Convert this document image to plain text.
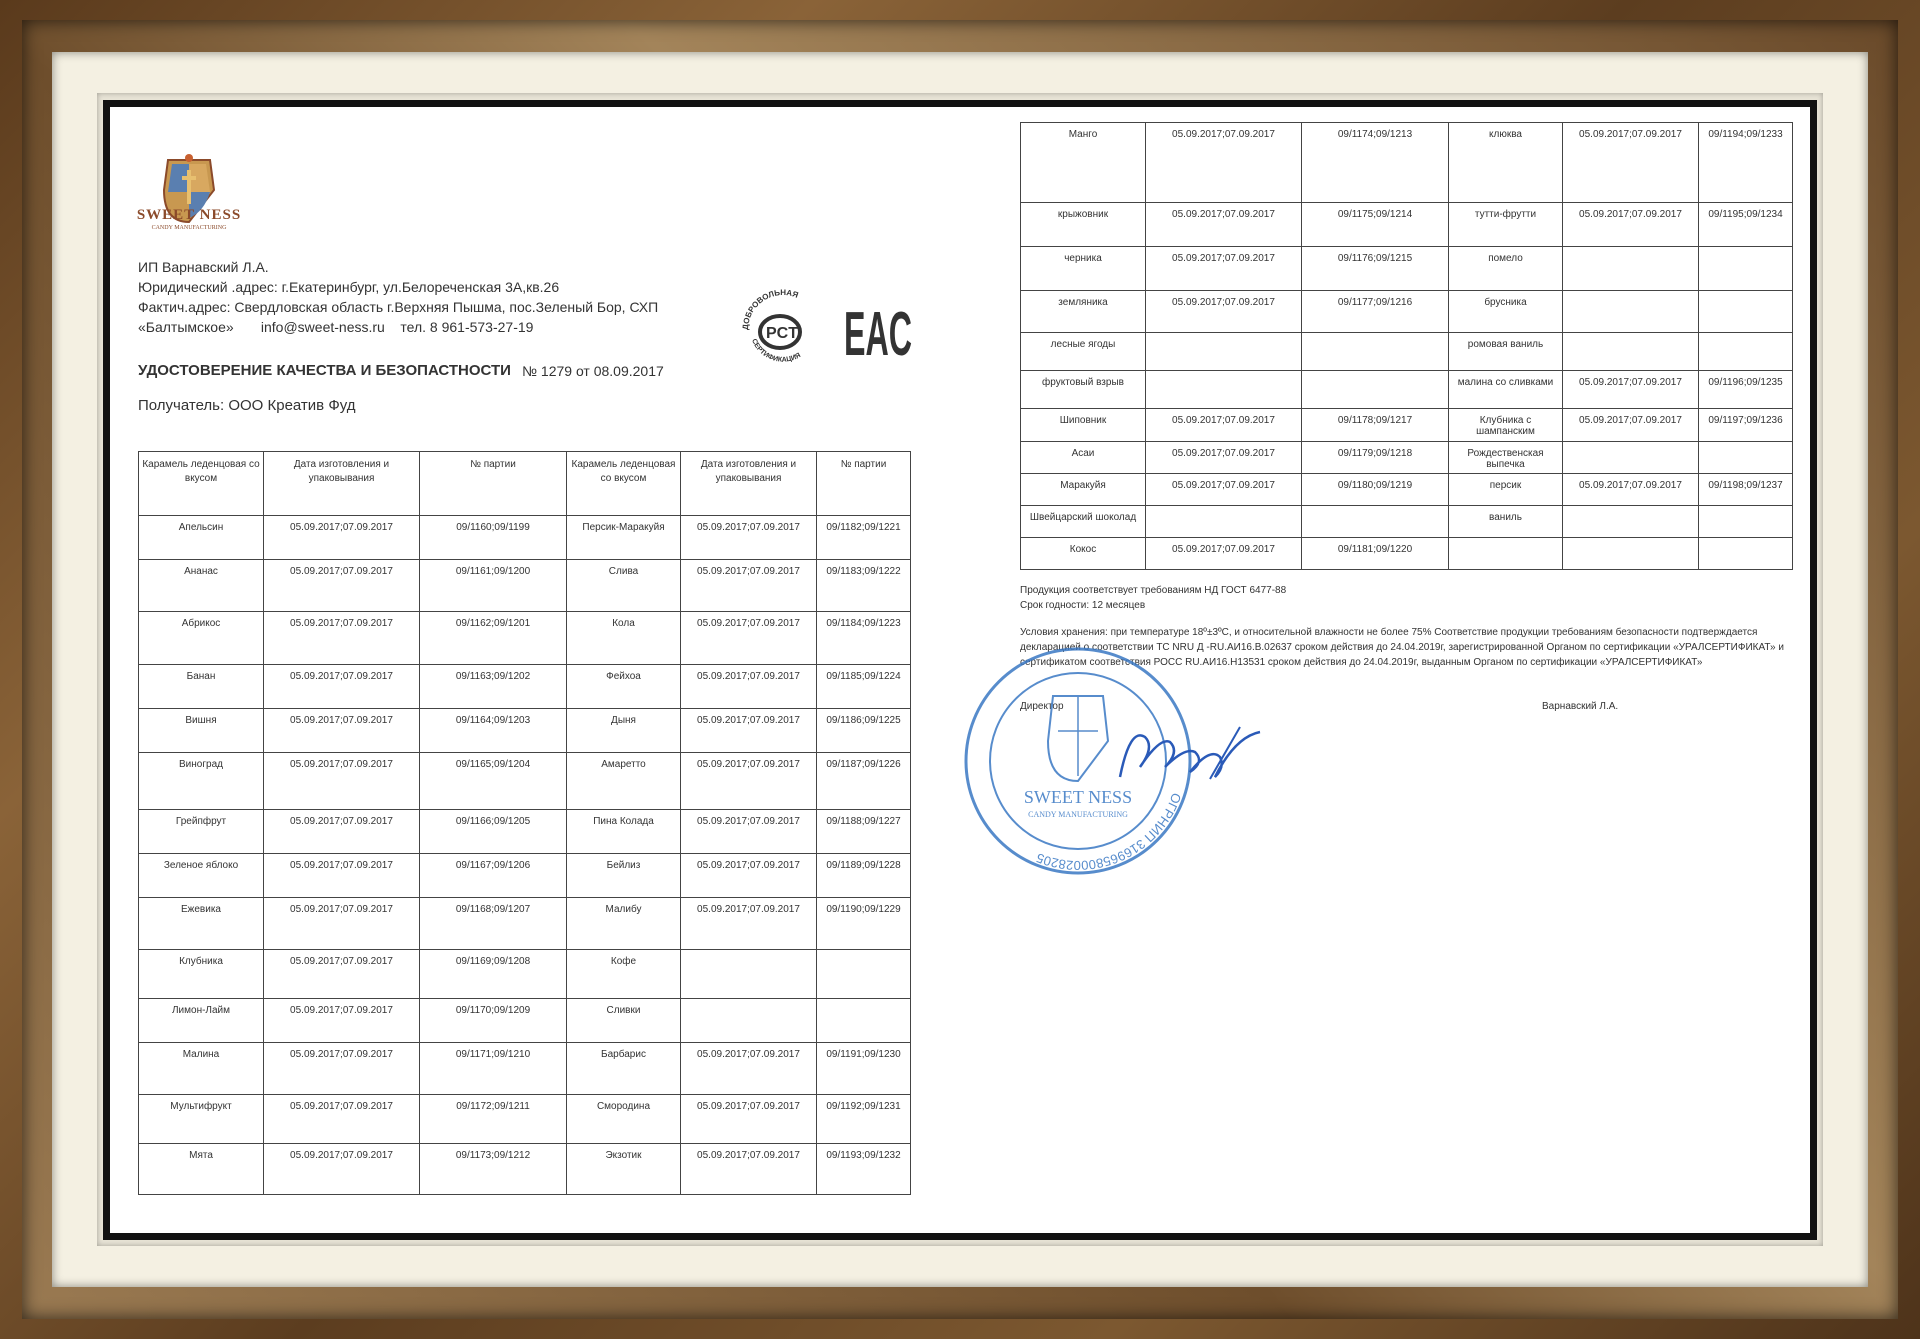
SWEET NESS
CANDY MANUFACTURING
ИП Варнавский Л.А.
Юридический .адрес: г.Екатеринбург, ул.Белореченская 3А,кв.26
Фактич.адрес: Свердловская область г.Верхняя Пышма, пос.Зеленый Бор, СХП
«Балтымское»       info@sweet-ness.ru    тел. 8 961-573-27-19
УДОСТОВЕРЕНИЕ КАЧЕСТВА И БЕЗОПАСТНОСТИ № 1279 от 08.09.2017
Получатель: ООО Креатив Фуд
ДОБРОВОЛЬНАЯ
СЕРТИФИКАЦИЯ
PCT EAC
Карамель леденцовая со вкусом	Дата изготовления и упаковывания	№ партии	Карамель леденцовая со вкусом	Дата изготовления и упаковывания	№ партии
Апельсин	05.09.2017;07.09.2017	09/1160;09/1199	Персик-Маракуйя	05.09.2017;07.09.2017	09/1182;09/1221
Ананас	05.09.2017;07.09.2017	09/1161;09/1200	Слива	05.09.2017;07.09.2017	09/1183;09/1222
Абрикос	05.09.2017;07.09.2017	09/1162;09/1201	Кола	05.09.2017;07.09.2017	09/1184;09/1223
Банан	05.09.2017;07.09.2017	09/1163;09/1202	Фейхоа	05.09.2017;07.09.2017	09/1185;09/1224
Вишня	05.09.2017;07.09.2017	09/1164;09/1203	Дыня	05.09.2017;07.09.2017	09/1186;09/1225
Виноград	05.09.2017;07.09.2017	09/1165;09/1204	Амаретто	05.09.2017;07.09.2017	09/1187;09/1226
Грейпфрут	05.09.2017;07.09.2017	09/1166;09/1205	Пина Колада	05.09.2017;07.09.2017	09/1188;09/1227
Зеленое яблоко	05.09.2017;07.09.2017	09/1167;09/1206	Бейлиз	05.09.2017;07.09.2017	09/1189;09/1228
Ежевика	05.09.2017;07.09.2017	09/1168;09/1207	Малибу	05.09.2017;07.09.2017	09/1190;09/1229
Клубника	05.09.2017;07.09.2017	09/1169;09/1208	Кофе		
Лимон-Лайм	05.09.2017;07.09.2017	09/1170;09/1209	Сливки		
Малина	05.09.2017;07.09.2017	09/1171;09/1210	Барбарис	05.09.2017;07.09.2017	09/1191;09/1230
Мультифрукт	05.09.2017;07.09.2017	09/1172;09/1211	Смородина	05.09.2017;07.09.2017	09/1192;09/1231
Мята	05.09.2017;07.09.2017	09/1173;09/1212	Экзотик	05.09.2017;07.09.2017	09/1193;09/1232
Манго	05.09.2017;07.09.2017	09/1174;09/1213	клюква	05.09.2017;07.09.2017	09/1194;09/1233
крыжовник	05.09.2017;07.09.2017	09/1175;09/1214	тутти-фрутти	05.09.2017;07.09.2017	09/1195;09/1234
черника	05.09.2017;07.09.2017	09/1176;09/1215	помело		
земляника	05.09.2017;07.09.2017	09/1177;09/1216	брусника		
лесные ягоды			ромовая ваниль		
фруктовый взрыв			малина со сливками	05.09.2017;07.09.2017	09/1196;09/1235
Шиповник	05.09.2017;07.09.2017	09/1178;09/1217	Клубника с шампанским	05.09.2017;07.09.2017	09/1197;09/1236
Асаи	05.09.2017;07.09.2017	09/1179;09/1218	Рождественская выпечка		
Маракуйя	05.09.2017;07.09.2017	09/1180;09/1219	персик	05.09.2017;07.09.2017	09/1198;09/1237
Швейцарский шоколад			ваниль		
Кокос	05.09.2017;07.09.2017	09/1181;09/1220			
Продукция соответствует требованиям НД ГОСТ 6477-88
Срок годности: 12 месяцев
Условия хранения: при температуре 18º±3ºС, и относительной влажности не более 75% Соответствие продукции требованиям безопасности подтверждается декларацией о соответствии ТС NRU Д -RU.АИ16.В.02637 сроком действия до 24.04.2019г, зарегистрированной Органом по сертификации «УРАЛСЕРТИФИКАТ» и сертификатом соответствия РОСС RU.АИ16.Н13531 сроком действия до 24.04.2019г, выданным Органом по сертификации «УРАЛСЕРТИФИКАТ»
Директор	Варнавский Л.А.
ОГРНИП 316965800028205
SWEET NESS
CANDY MANUFACTURING
